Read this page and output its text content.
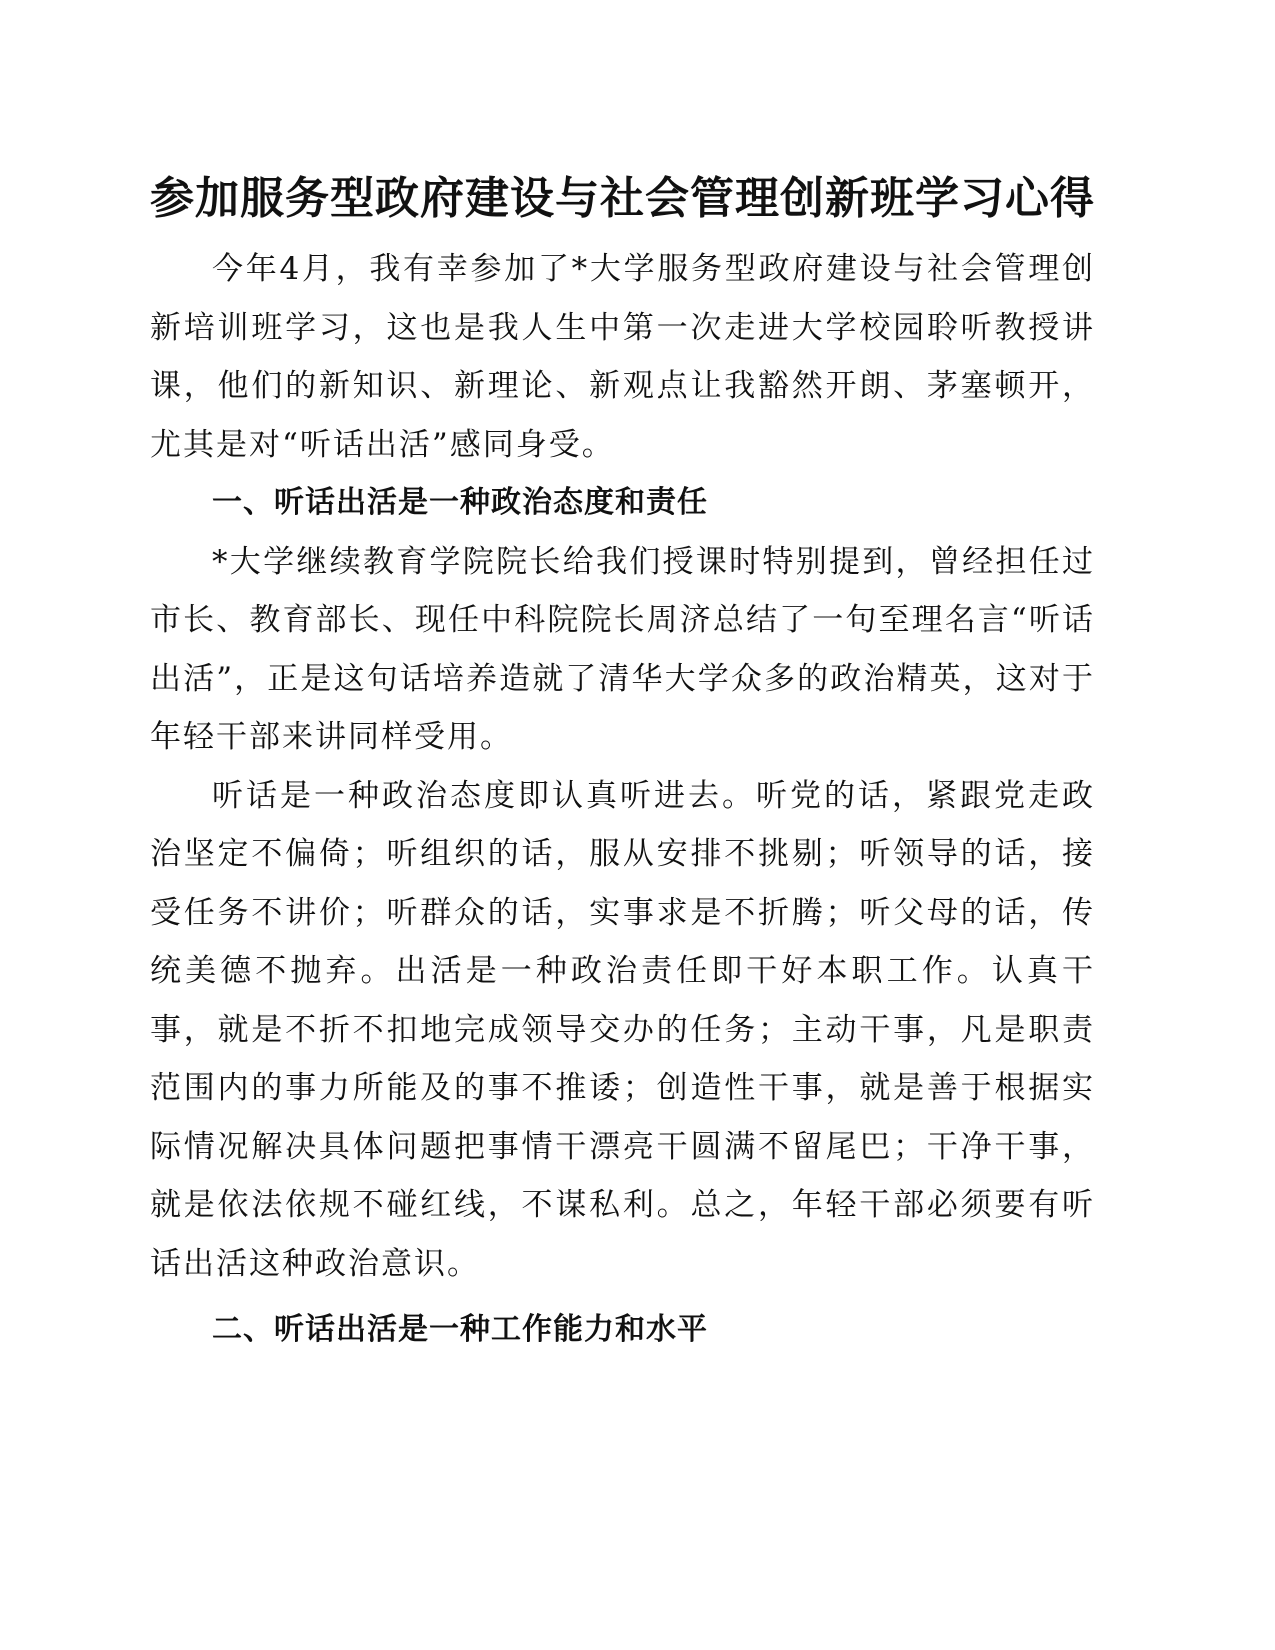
参加服务型政府建设与社会管理创新班学习心得

今年4月，我有幸参加了*大学服务型政府建设与社会管理创新培训班学习，这也是我人生中第一次走进大学校园聆听教授讲课，他们的新知识、新理论、新观点让我豁然开朗、茅塞顿开，尤其是对“听话出活”感同身受。

一、听话出活是一种政治态度和责任

*大学继续教育学院院长给我们授课时特别提到，曾经担任过市长、教育部长、现任中科院院长周济总结了一句至理名言“听话出活”，正是这句话培养造就了清华大学众多的政治精英，这对于年轻干部来讲同样受用。

听话是一种政治态度即认真听进去。听党的话，紧跟党走政治坚定不偏倚；听组织的话，服从安排不挑剔；听领导的话，接受任务不讲价；听群众的话，实事求是不折腾；听父母的话，传统美德不抛弃。出活是一种政治责任即干好本职工作。认真干事，就是不折不扣地完成领导交办的任务；主动干事，凡是职责范围内的事力所能及的事不推诿；创造性干事，就是善于根据实际情况解决具体问题把事情干漂亮干圆满不留尾巴；干净干事，就是依法依规不碰红线，不谋私利。总之，年轻干部必须要有听话出活这种政治意识。

二、听话出活是一种工作能力和水平
